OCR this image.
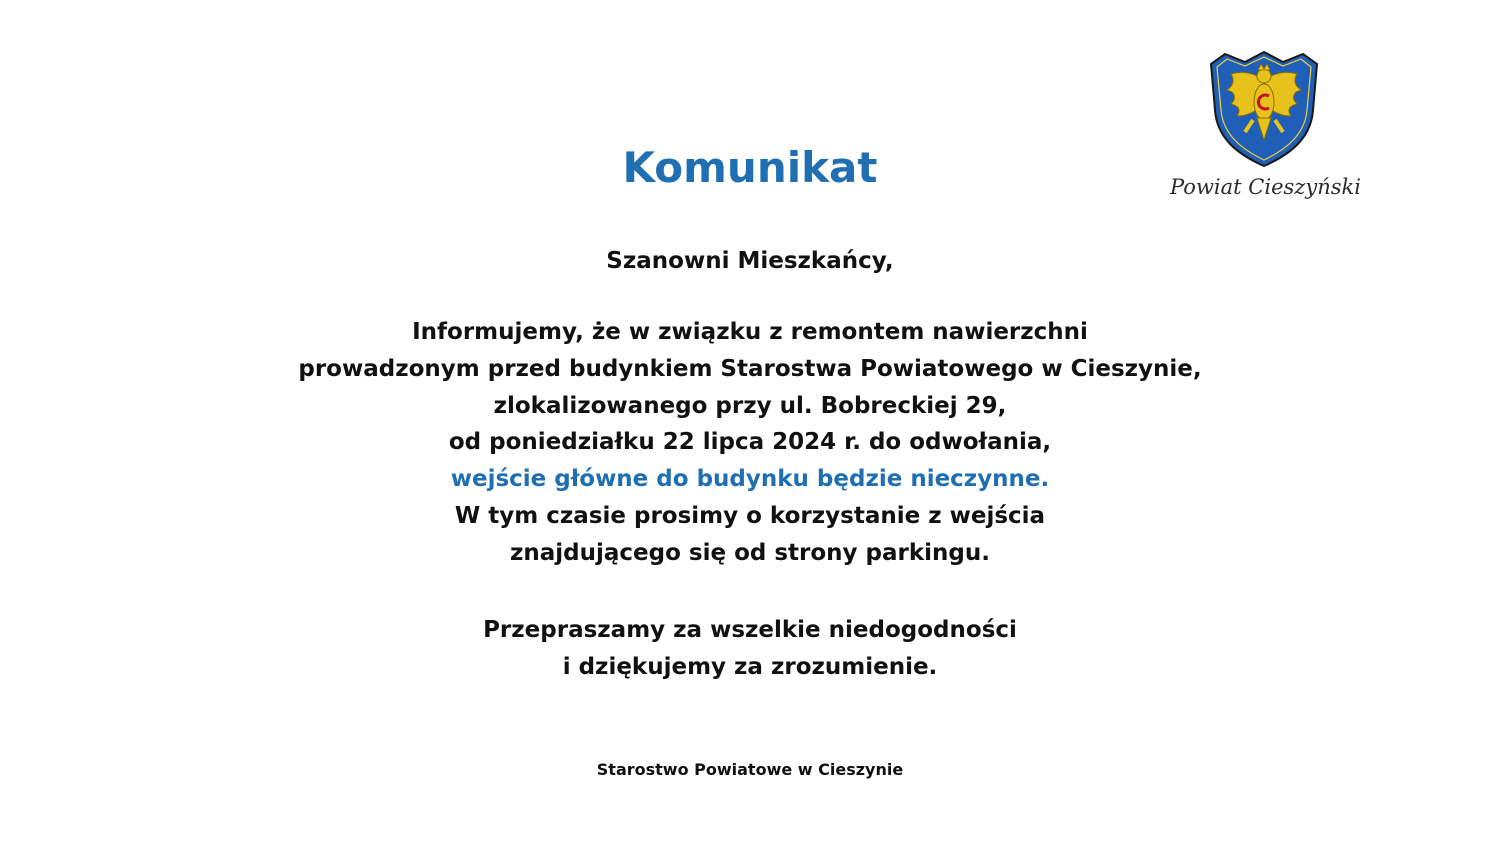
Komunikat	Powiat Cieszyński

Szanowni Mieszkańcy,

Informujemy, że w związku z remontem nawierzchni
prowadzonym przed budynkiem Starostwa Powiatowego w Cieszynie,
zlokalizowanego przy ul. Bobreckiej 29,
od poniedziałku 22 lipca 2024 r. do odwołania,
wejście główne do budynku będzie nieczynne.
W tym czasie prosimy o korzystanie z wejścia
znajdującego się od strony parkingu.
Przepraszamy za wszelkie niedogodności
i dziękujemy za zrozumienie.

Starostwo Powiatowe w Cieszynie
